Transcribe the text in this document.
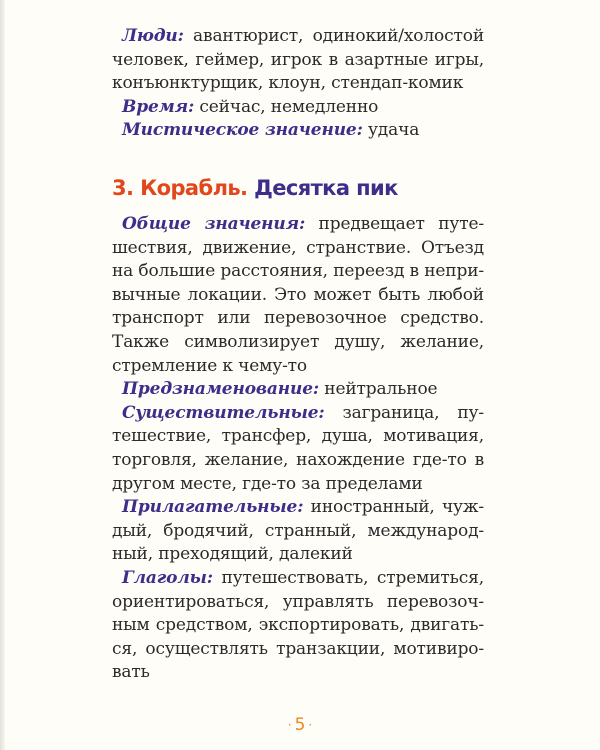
Люди: авантюрист, одинокий/холостой
человек, геймер, игрок в азартные игры,
конъюнктурщик, клоун, стендап-комик
Время: сейчас, немедленно
Мистическое значение: удача
3. Корабль. Десятка пик
Общие значения: предвещает путе-
шествия, движение, странствие. Отъезд
на большие расстояния, переезд в непри-
вычные локации. Это может быть любой
транспорт или перевозочное средство.
Также символизирует душу, желание,
стремление к чему-то
Предзнаменование: нейтральное
Существительные: заграница, пу-
тешествие, трансфер, душа, мотивация,
торговля, желание, нахождение где-то в
другом месте, где-то за пределами
Прилагательные: иностранный, чуж-
дый, бродячий, странный, международ-
ный, преходящий, далекий
Глаголы: путешествовать, стремиться,
ориентироваться, управлять перевозоч-
ным средством, экспортировать, двигать-
ся, осуществлять транзакции, мотивиро-
вать
· 5 ·
